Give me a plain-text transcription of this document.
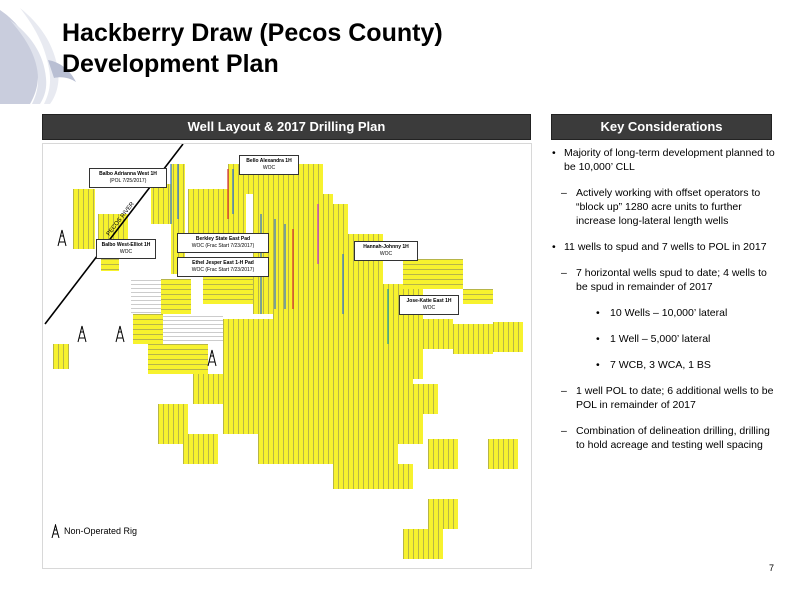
Hackberry Draw (Pecos County)
Development Plan
Well Layout & 2017 Drilling Plan	Key Considerations
PECOS RIVER
Balbo Adrianna West 1H
(POL 7/25/2017)
Bello Alexandra 1H
WOC
Balbo West-Elliot 1H
WOC
Berkley State East Pad
WOC (Frac Start 7/23/2017)
Ethel Jesper East 1-H Pad
WOC (Frac Start 7/23/2017)
Hannah-Johnny 1H
WOC
Jose-Katie East 1H
WOC
Non-Operated Rig
• Majority of long-term development planned to be 10,000’ CLL
– Actively working with offset operators to “block up” 1280 acre units to further increase long-lateral length wells
• 11 wells to spud and 7 wells to POL in 2017
– 7 horizontal wells spud to date; 4 wells to be spud in remainder of 2017
• 10 Wells – 10,000’ lateral
• 1 Well – 5,000’ lateral
• 7 WCB, 3 WCA, 1 BS
– 1 well POL to date; 6 additional wells to be POL in remainder of 2017
– Combination of delineation drilling, drilling to hold acreage and testing well spacing
7
